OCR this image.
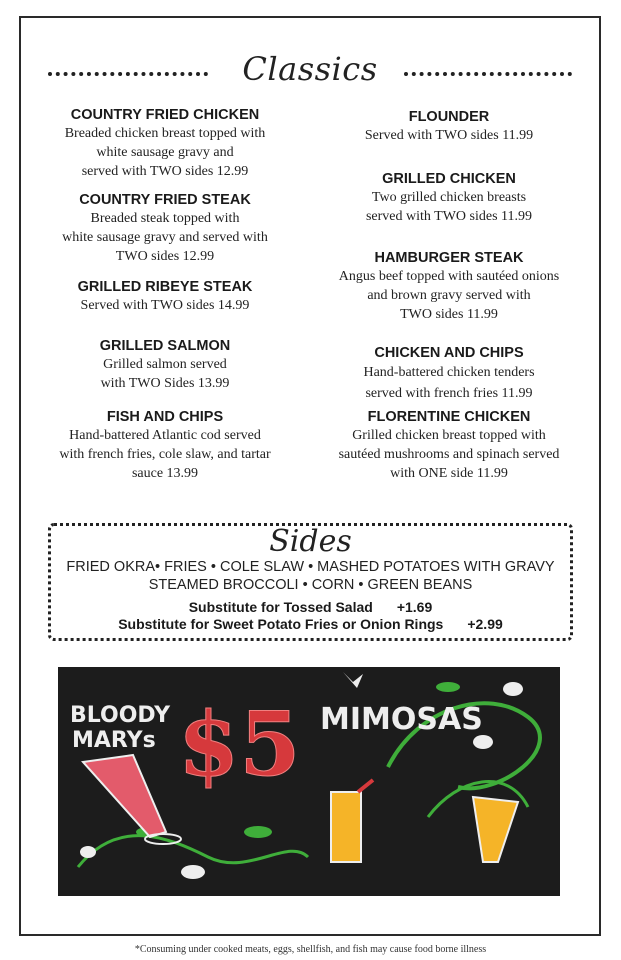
Classics
COUNTRY FRIED CHICKEN
Breaded chicken breast topped with
white sausage gravy and
served with TWO sides 12.99
COUNTRY FRIED STEAK
Breaded steak topped with
white sausage gravy and served with
TWO sides 12.99
GRILLED RIBEYE STEAK
Served with TWO sides 14.99
GRILLED SALMON
Grilled salmon served
with TWO Sides 13.99
FISH AND CHIPS
Hand-battered Atlantic cod served
with french fries, cole slaw, and tartar
sauce 13.99
FLOUNDER
Served with TWO sides 11.99
GRILLED CHICKEN
Two grilled chicken breasts
served with TWO sides 11.99
HAMBURGER STEAK
Angus beef topped with sautéed onions
and brown gravy served with
TWO sides 11.99
CHICKEN AND CHIPS
Hand-battered chicken tenders
served with french fries 11.99
FLORENTINE CHICKEN
Grilled chicken breast topped with
sautéed mushrooms and spinach served
with ONE side 11.99
Sides
FRIED OKRA• FRIES • COLE SLAW • MASHED POTATOES WITH GRAVY
STEAMED BROCCOLI • CORN • GREEN BEANS
Substitute for Tossed Salad +1.69
Substitute for Sweet Potato Fries or Onion Rings +2.99
BLOODY
MARYs $5 MIMOSAS
*Consuming under cooked meats, eggs, shellfish, and fish may cause food borne illness
